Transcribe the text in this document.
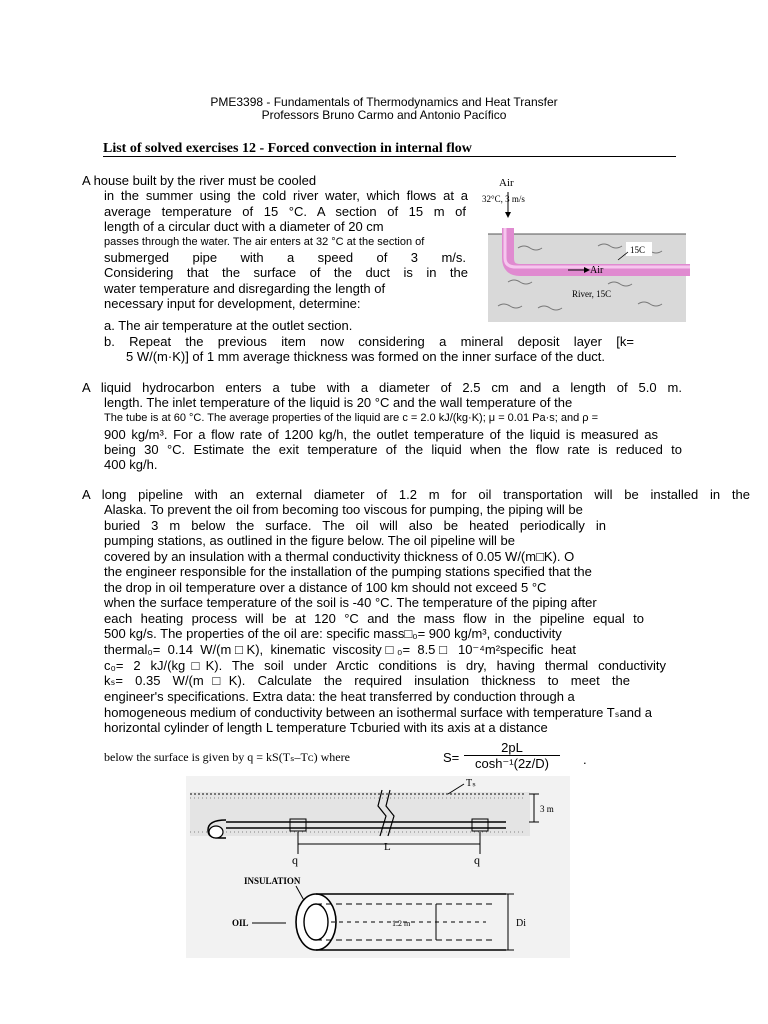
PME3398 - Fundamentals of Thermodynamics and Heat Transfer
Professors Bruno Carmo and Antonio Pacífico
List of solved exercises 12 - Forced convection in internal flow
A house built by the river must be cooled
in the summer using the cold river water, which flows at a
average temperature of 15 °C. A section of 15 m of
length of a circular duct with a diameter of 20 cm
passes through the water. The air enters at 32 °C at the section of
submerged pipe with a speed of 3 m/s.
Considering that the surface of the duct is in the
water temperature and disregarding the length of
necessary input for development, determine:
a. The air temperature at the outlet section.
b. Repeat the previous item now considering a mineral deposit layer [k=
5 W/(m·K)] of 1 mm average thickness was formed on the inner surface of the duct.
Air
32°C, 3 m/s
15C
Air
River, 15C
A liquid hydrocarbon enters a tube with a diameter of 2.5 cm and a length of 5.0 m.
length. The inlet temperature of the liquid is 20 °C and the wall temperature of the
The tube is at 60 °C. The average properties of the liquid are c = 2.0 kJ/(kg·K); μ = 0.01 Pa·s; and ρ =
900 kg/m³. For a flow rate of 1200 kg/h, the outlet temperature of the liquid is measured as
being 30 °C. Estimate the exit temperature of the liquid when the flow rate is reduced to
400 kg/h.
A long pipeline with an external diameter of 1.2 m for oil transportation will be installed in the
Alaska. To prevent the oil from becoming too viscous for pumping, the piping will be
buried 3 m below the surface. The oil will also be heated periodically in
pumping stations, as outlined in the figure below. The oil pipeline will be
covered by an insulation with a thermal conductivity thickness of 0.05 W/(m□K). O
the engineer responsible for the installation of the pumping stations specified that the
the drop in oil temperature over a distance of 100 km should not exceed 5 °C
when the surface temperature of the soil is -40 °C. The temperature of the piping after
each heating process will be at 120 °C and the mass flow in the pipeline equal to
500 kg/s. The properties of the oil are: specific mass□₀= 900 kg/m³, conductivity
thermal₀= 0.14 W/(m□K), kinematic viscosity□₀= 8.5□ 10⁻⁴m²specific heat
c₀= 2 kJ/(kg□K). The soil under Arctic conditions is dry, having thermal conductivity
kₛ= 0.35 W/(m□K). Calculate the required insulation thickness to meet the
engineer's specifications. Extra data: the heat transferred by conduction through a
homogeneous medium of conductivity between an isothermal surface with temperature Tₛand a
horizontal cylinder of length L temperature Tᴄburied with its axis at a distance
below the surface is given by q = kS(Tₛ–Tᴄ) where	$S= \frac{2pL}{\text{cosh⁻¹(2z/D)}}$ .
Tₛ
3 m
L
q	q
INSULATION
OIL	1.2 m	Di
